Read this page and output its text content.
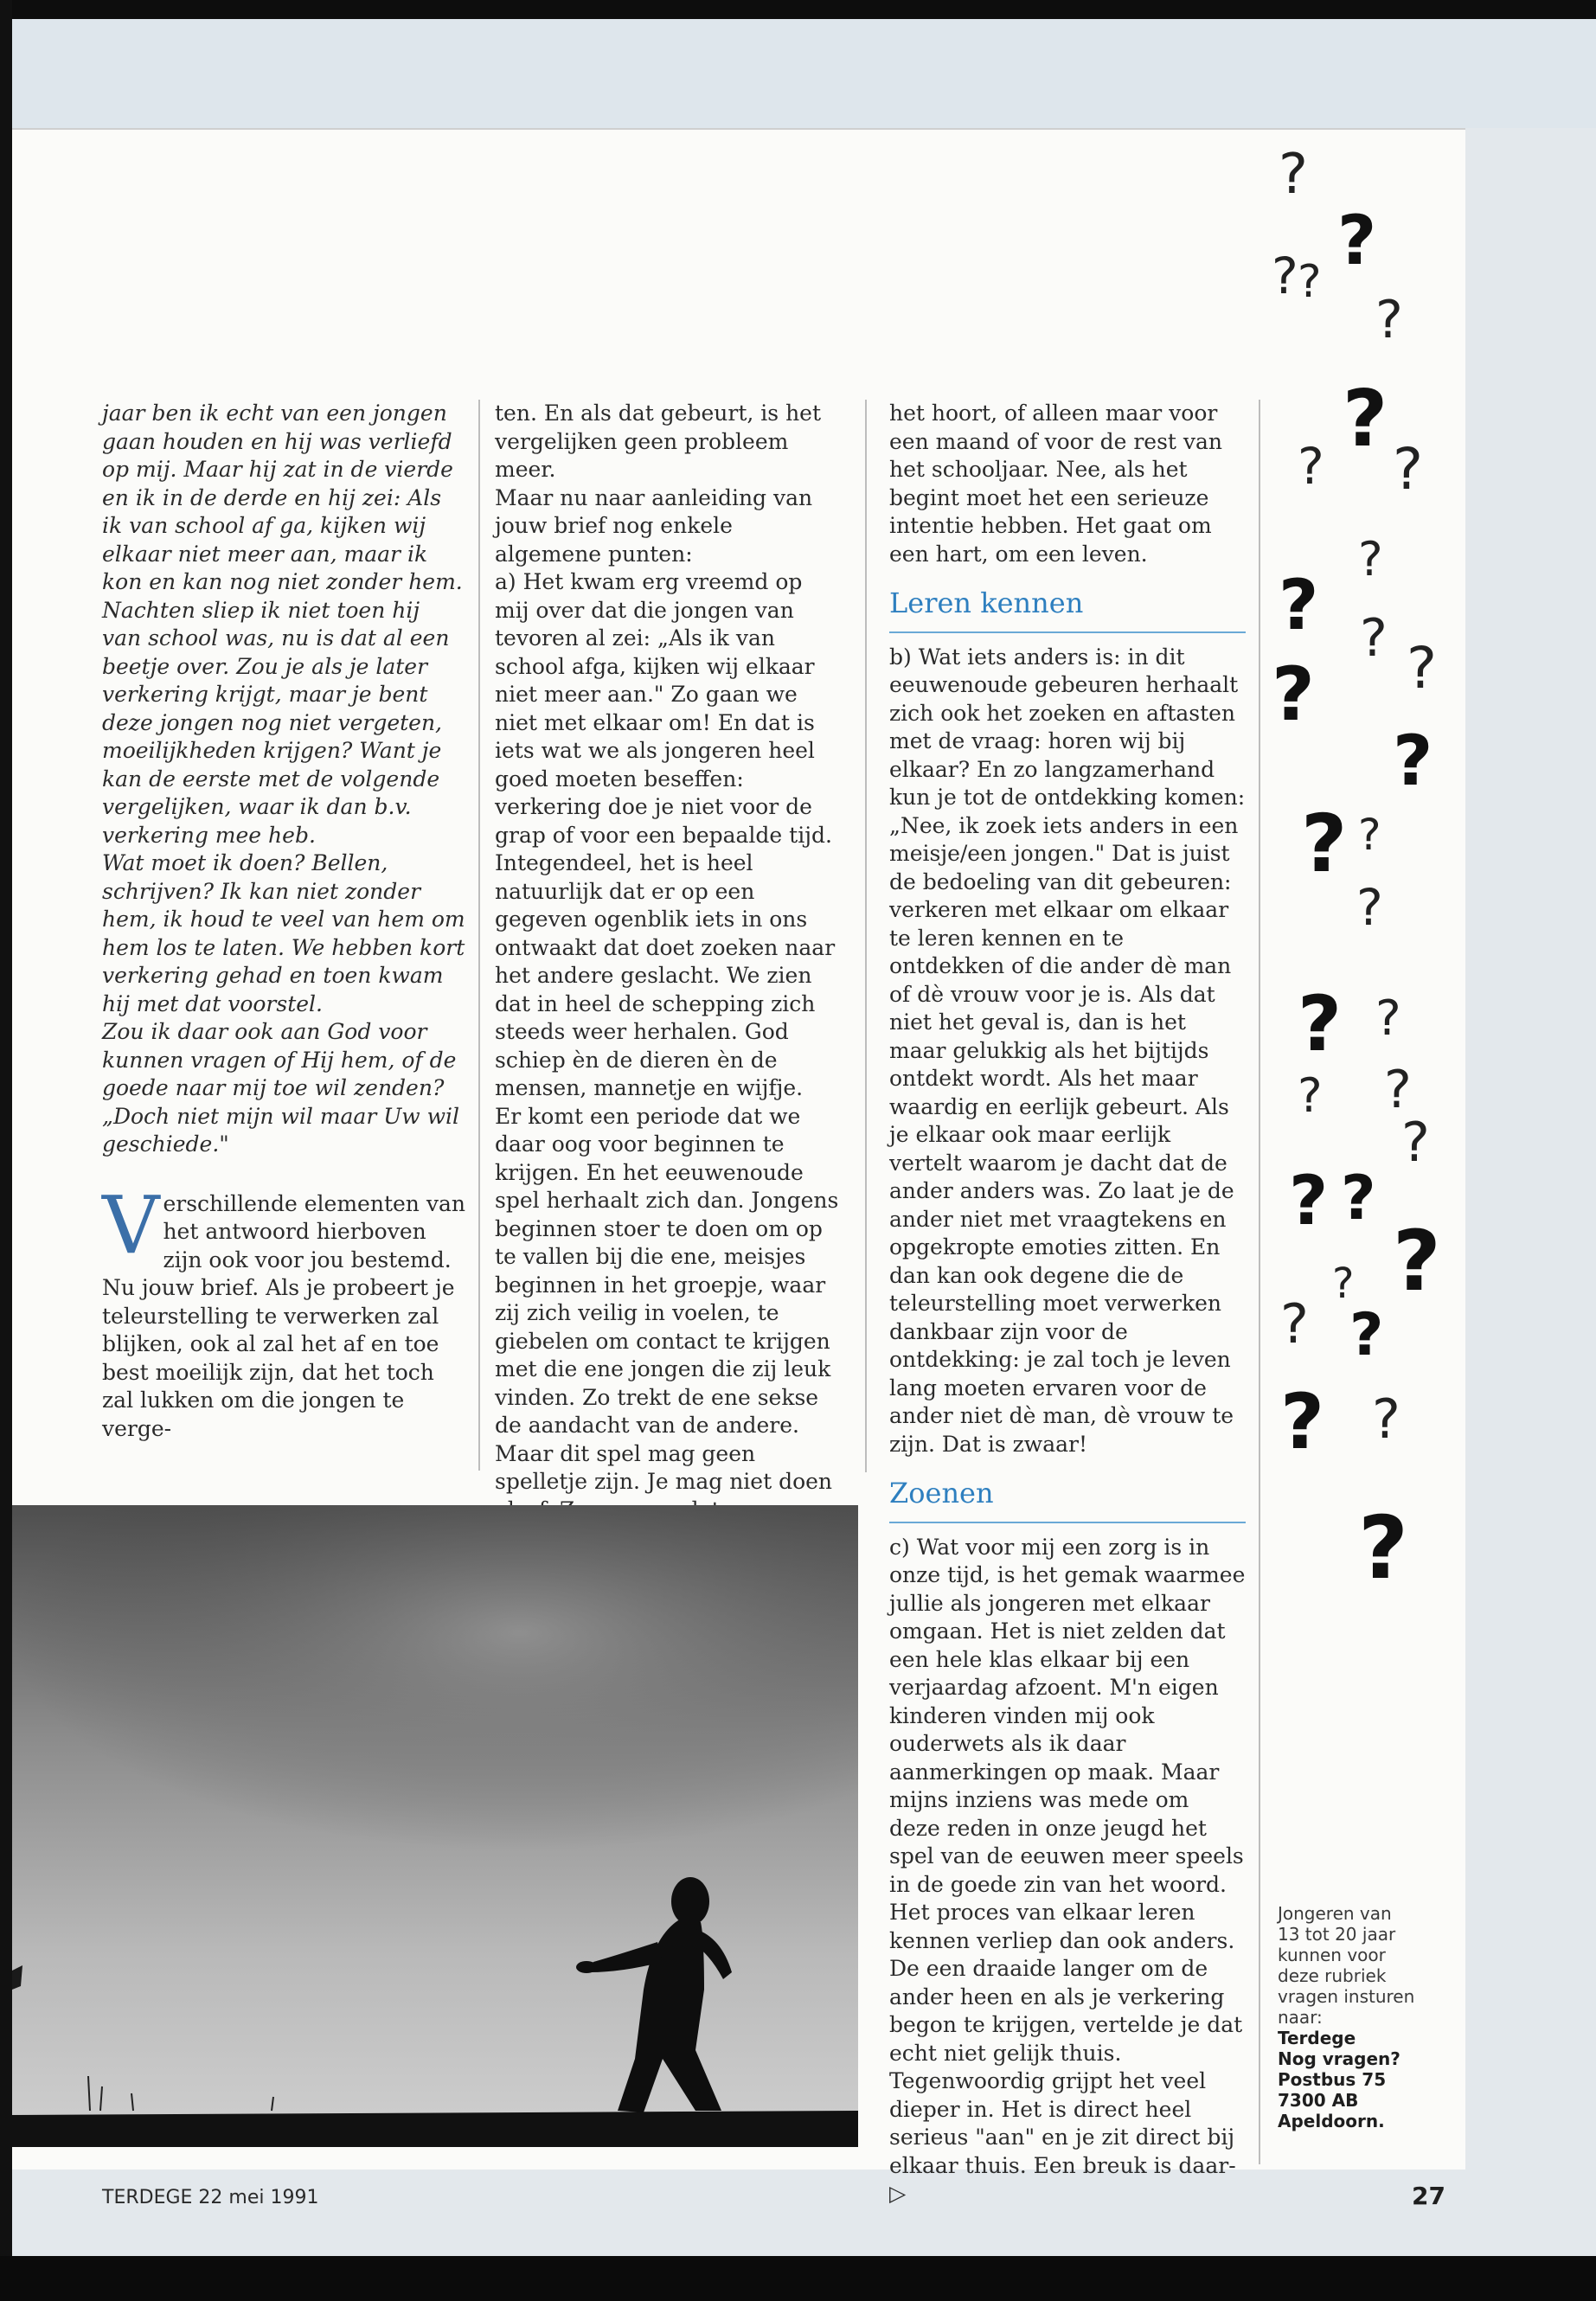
jaar ben ik echt van een jongen gaan houden en hij was verliefd op mij. Maar hij zat in de vierde en ik in de derde en hij zei: Als ik van school af ga, kijken wij elkaar niet meer aan, maar ik kon en kan nog niet zonder hem. Nachten sliep ik niet toen hij van school was, nu is dat al een beetje over. Zou je als je later verkering krijgt, maar je bent deze jongen nog niet vergeten, moeilijkheden krijgen? Want je kan de eerste met de volgende vergelijken, waar ik dan b.v. verkering mee heb.

Wat moet ik doen? Bellen, schrijven? Ik kan niet zonder hem, ik houd te veel van hem om hem los te laten. We hebben kort verkering gehad en toen kwam hij met dat voorstel.

Zou ik daar ook aan God voor kunnen vragen of Hij hem, of de goede naar mij toe wil zenden? „Doch niet mijn wil maar Uw wil geschiede."

Verschillende elementen van het antwoord hierboven zijn ook voor jou bestemd. Nu jouw brief. Als je probeert je teleurstelling te verwerken zal blijken, ook al zal het af en toe best moeilijk zijn, dat het toch zal lukken om die jongen te verge-

ten. En als dat gebeurt, is het vergelijken geen probleem meer.

Maar nu naar aanleiding van jouw brief nog enkele algemene punten:

a) Het kwam erg vreemd op mij over dat die jongen van tevoren al zei: „Als ik van school afga, kijken wij elkaar niet meer aan." Zo gaan we niet met elkaar om! En dat is iets wat we als jongeren heel goed moeten beseffen: verkering doe je niet voor de grap of voor een bepaalde tijd. Integendeel, het is heel natuurlijk dat er op een gegeven ogenblik iets in ons ontwaakt dat doet zoeken naar het andere geslacht. We zien dat in heel de schepping zich steeds weer herhalen. God schiep èn de dieren èn de mensen, mannetje en wijfje.

Er komt een periode dat we daar oog voor beginnen te krijgen. En het eeuwenoude spel herhaalt zich dan. Jongens beginnen stoer te doen om op te vallen bij die ene, meisjes beginnen in het groepje, waar zij zich veilig in voelen, te giebelen om contact te krijgen met die ene jongen die zij leuk vinden. Zo trekt de ene sekse de aandacht van de andere. Maar dit spel mag geen spelletje zijn. Je mag niet doen

het hoort, of alleen maar voor een maand of voor de rest van het schooljaar. Nee, als het begint moet het een serieuze intentie hebben. Het gaat om een hart, om een leven.

Leren kennen

b) Wat iets anders is: in dit eeuwenoude gebeuren herhaalt zich ook het zoeken en aftasten met de vraag: horen wij bij elkaar? En zo langzamerhand kun je tot de ontdekking komen: „Nee, ik zoek iets anders in een meisje/een jongen." Dat is juist de bedoeling van dit gebeuren: verkeren met elkaar om elkaar te leren kennen en te ontdekken of die ander dè man of dè vrouw voor je is. Als dat niet het geval is, dan is het maar gelukkig als het bijtijds ontdekt wordt. Als het maar waardig en eerlijk gebeurt. Als je elkaar ook maar eerlijk vertelt waarom je dacht dat de ander anders was. Zo laat je de ander niet met vraagtekens en opgekropte emoties zitten. En dan kan ook degene die de teleurstelling moet verwerken dankbaar zijn voor de ontdekking: je zal toch je leven lang moeten ervaren voor de ander niet dè man, dè vrouw te zijn. Dat is zwaar!

Zoenen

c) Wat voor mij een zorg is in onze tijd, is het gemak waarmee jullie als jongeren met elkaar omgaan. Het is niet zelden dat een hele klas elkaar bij een verjaardag afzoent. M'n eigen kinderen vinden mij ook ouderwets als ik daar aanmerkingen op maak. Maar mijns inziens was mede om deze reden in onze jeugd het spel van de eeuwen meer speels in de goede zin van het woord. Het proces van elkaar leren kennen verliep dan ook anders. De een draaide langer om de ander heen en als je verkering begon te krijgen, vertelde je dat echt niet gelijk thuis. Tegenwoordig grijpt het veel dieper in. Het is direct heel serieus "aan" en je zit direct bij elkaar thuis. Een breuk is daar- ▷

?
?
? ?
?
?
? ?
?
? ? ?
?
?
?
?
?
? ?
?
?
?
? ?
?
?
? ?
? ?
?

Jongeren van 13 tot 20 jaar kunnen voor deze rubriek vragen insturen naar:

Terdege

Nog vragen?

Postbus 75

7300 AB

Apeldoorn.

TERDEGE 22 mei 1991	27
